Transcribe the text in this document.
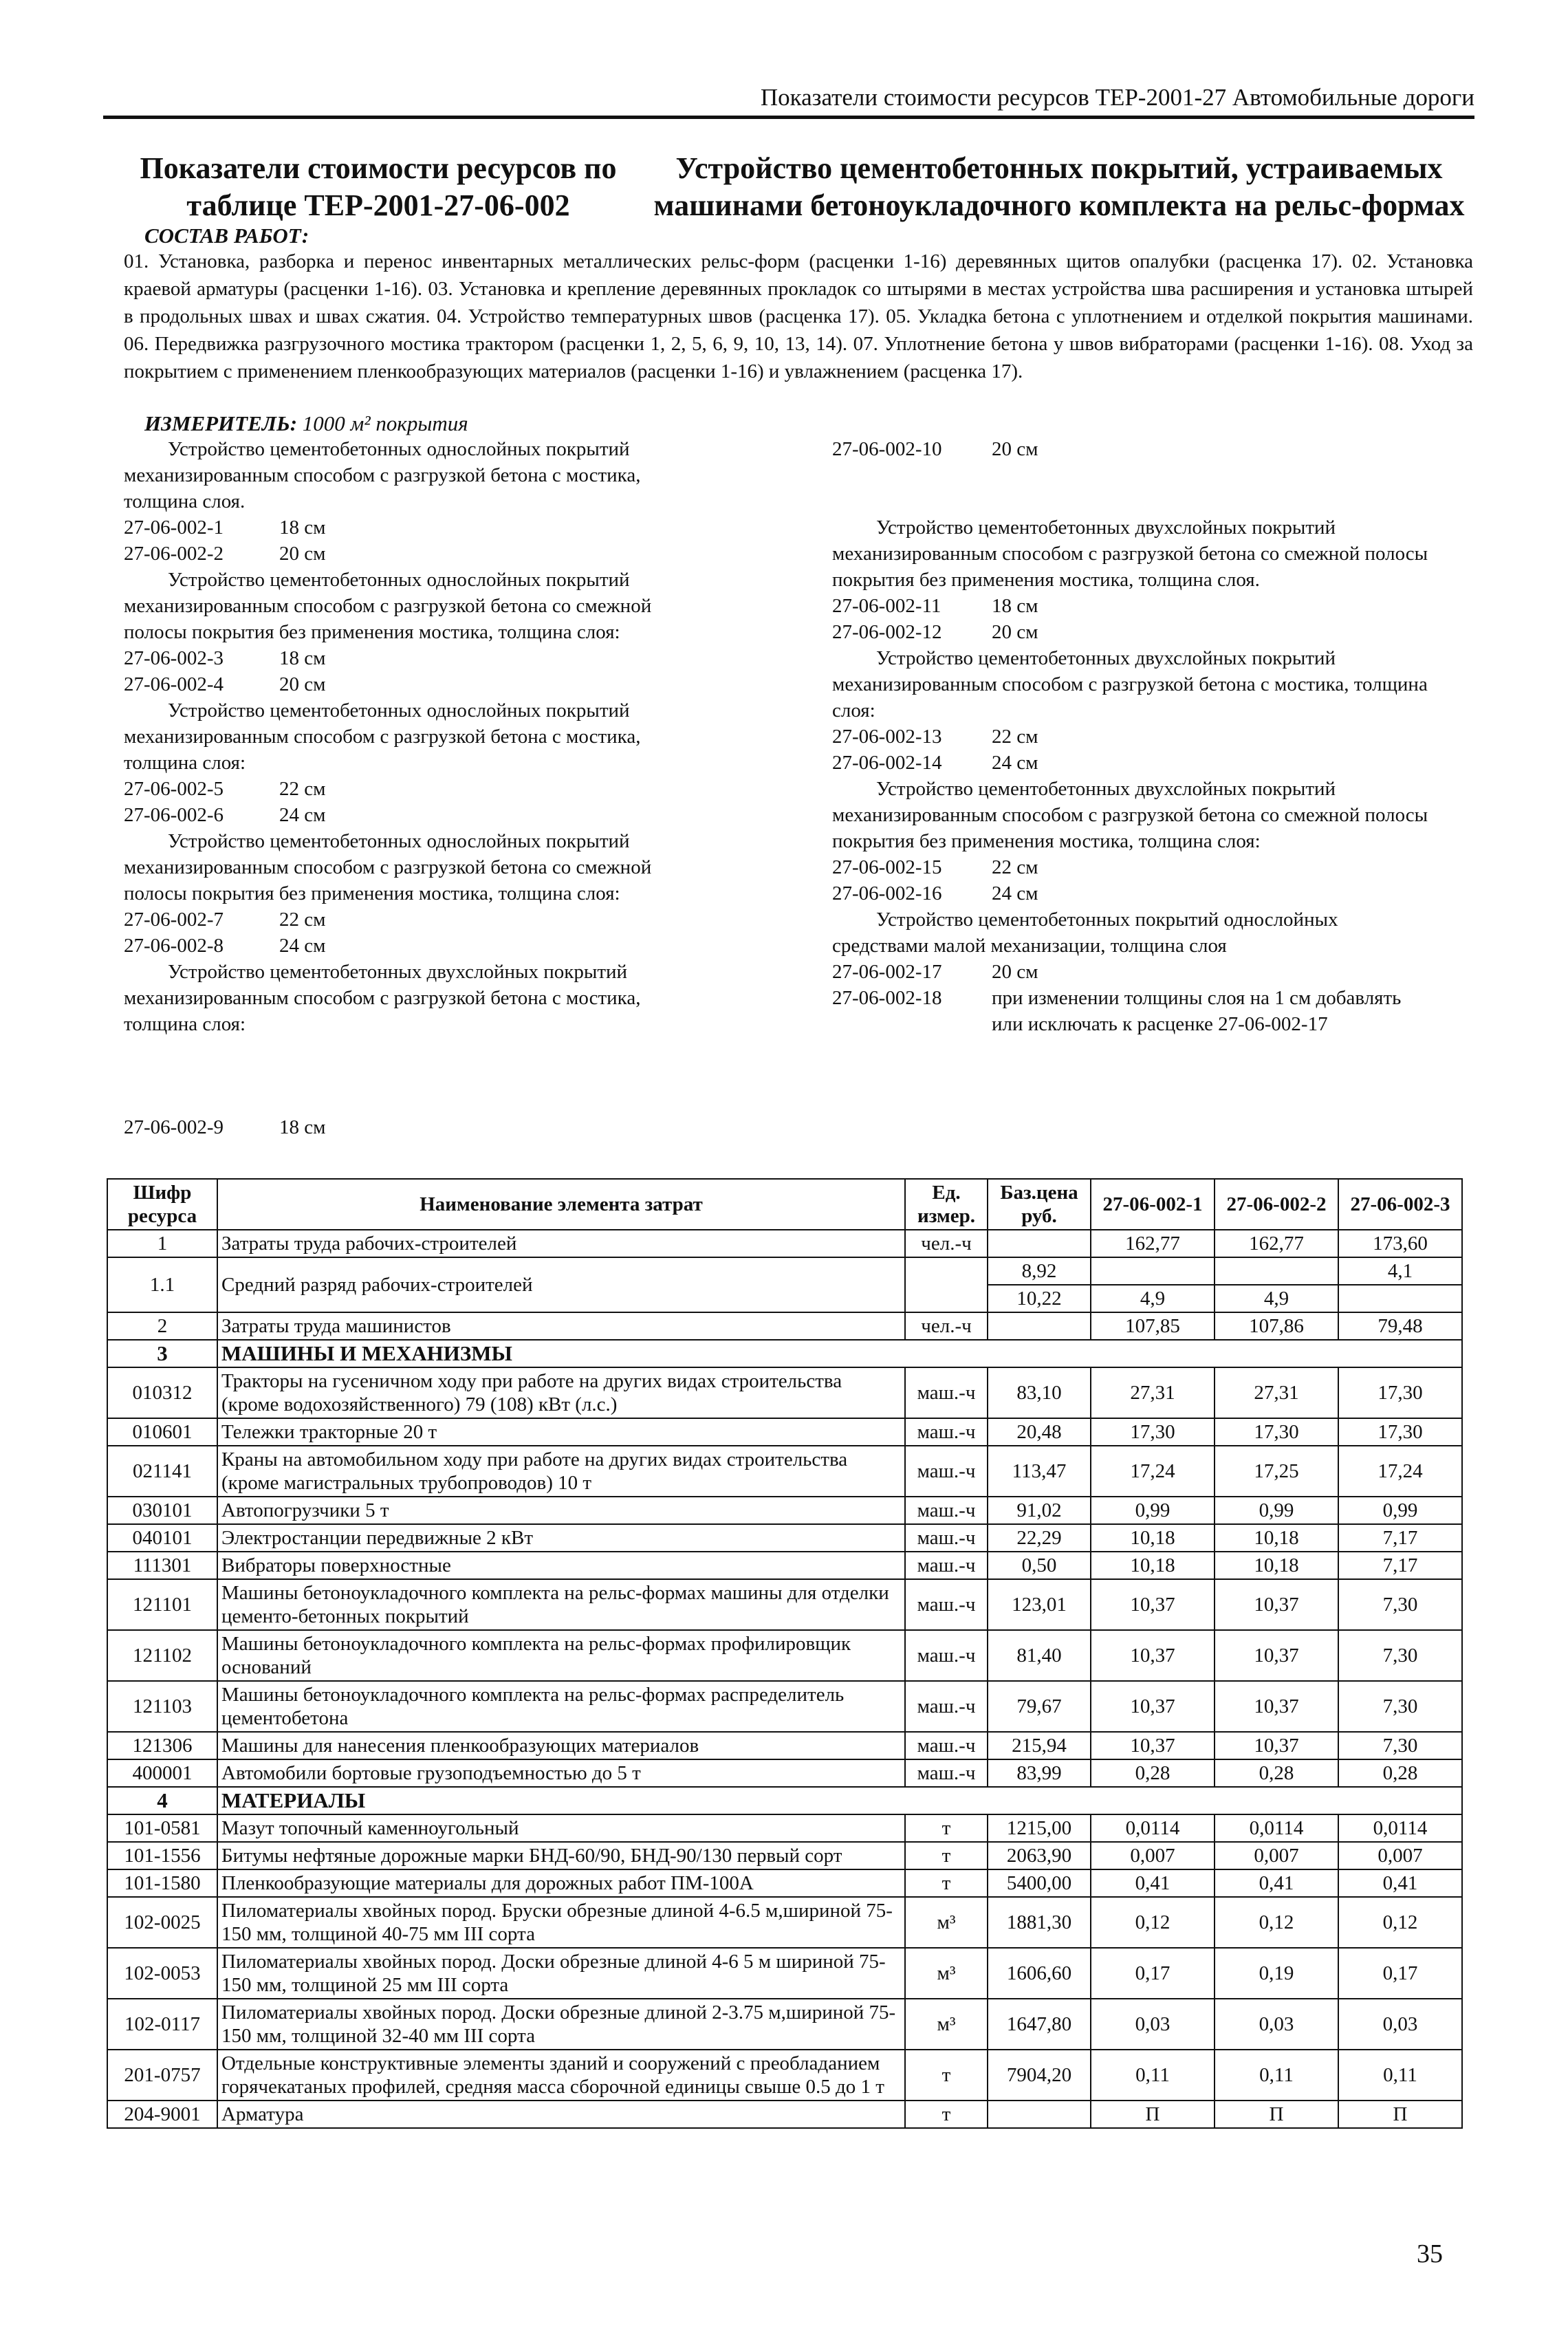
Показатели стоимости ресурсов ТЕР-2001-27 Автомобильные дороги
Показатели стоимости ресурсов по таблице ТЕР-2001-27-06-002
Устройство цементобетонных покрытий, устраиваемых машинами бетоноукладочного комплекта на рельс-формах
СОСТАВ РАБОТ:

01. Установка, разборка и перенос инвентарных металлических рельс-форм (расценки 1-16) деревянных щитов опалубки (расценка 17). 02. Установка краевой арматуры (расценки 1-16). 03. Установка и крепление деревянных прокладок со штырями в местах устройства шва расширения и установка штырей в продольных швах и швах сжатия. 04. Устройство температурных швов (расценка 17). 05. Укладка бетона с уплотнением и отделкой покрытия машинами. 06. Передвижка разгрузочного мостика трактором (расценки 1, 2, 5, 6, 9, 10, 13, 14). 07. Уплотнение бетона у швов вибраторами (расценки 1-16). 08. Уход за покрытием с применением пленкообразующих материалов (расценки 1-16) и увлажнением (расценка 17).

ИЗМЕРИТЕЛЬ: 1000 м² покрытия

Устройство цементобетонных однослойных покрытий механизированным способом с разгрузкой бетона с мостика, толщина слоя.

27-06-002-1	18 см

27-06-002-2	20 см

Устройство цементобетонных однослойных покрытий механизированным способом с разгрузкой бетона со смежной полосы покрытия без применения мостика, толщина слоя:

27-06-002-3	18 см

27-06-002-4	20 см

Устройство цементобетонных однослойных покрытий механизированным способом с разгрузкой бетона с мостика, толщина слоя:

27-06-002-5	22 см

27-06-002-6	24 см

Устройство цементобетонных однослойных покрытий механизированным способом с разгрузкой бетона со смежной полосы покрытия без применения мостика, толщина слоя:

27-06-002-7	22 см

27-06-002-8	24 см

Устройство цементобетонных двухслойных покрытий механизированным способом с разгрузкой бетона с мостика, толщина слоя:

27-06-002-9	18 см

27-06-002-10	20 см

Устройство цементобетонных двухслойных покрытий механизированным способом с разгрузкой бетона со смежной полосы покрытия без применения мостика, толщина слоя.

27-06-002-11	18 см

27-06-002-12	20 см

Устройство цементобетонных двухслойных покрытий механизированным способом с разгрузкой бетона с мостика, толщина слоя:

27-06-002-13	22 см

27-06-002-14	24 см

Устройство цементобетонных двухслойных покрытий механизированным способом с разгрузкой бетона со смежной полосы покрытия без применения мостика, толщина слоя:

27-06-002-15	22 см

27-06-002-16	24 см

Устройство цементобетонных покрытий однослойных средствами малой механизации, толщина слоя

27-06-002-17	20 см

27-06-002-18	при изменении толщины слоя на 1 см добавлять или исключать к расценке 27-06-002-17

Шифр ресурса	Наименование элемента затрат	Ед. измер.	Баз.цена руб.	27-06-002-1	27-06-002-2	27-06-002-3
1	Затраты труда рабочих-строителей	чел.-ч		162,77	162,77	173,60
1.1	Средний разряд рабочих-строителей		8,92			4,1
			10,22	4,9	4,9	
2	Затраты труда машинистов	чел.-ч		107,85	107,86	79,48
3	МАШИНЫ И МЕХАНИЗМЫ					
010312	Тракторы на гусеничном ходу при работе на других видах строительства (кроме водохозяйственного) 79 (108) кВт (л.с.)	маш.-ч	83,10	27,31	27,31	17,30
010601	Тележки тракторные 20 т	маш.-ч	20,48	17,30	17,30	17,30
021141	Краны на автомобильном ходу при работе на других видах строительства (кроме магистральных трубопроводов) 10 т	маш.-ч	113,47	17,24	17,25	17,24
030101	Автопогрузчики 5 т	маш.-ч	91,02	0,99	0,99	0,99
040101	Электростанции передвижные 2 кВт	маш.-ч	22,29	10,18	10,18	7,17
111301	Вибраторы поверхностные	маш.-ч	0,50	10,18	10,18	7,17
121101	Машины бетоноукладочного комплекта на рельс-формах машины для отделки цементо-бетонных покрытий	маш.-ч	123,01	10,37	10,37	7,30
121102	Машины бетоноукладочного комплекта на рельс-формах профилировщик оснований	маш.-ч	81,40	10,37	10,37	7,30
121103	Машины бетоноукладочного комплекта на рельс-формах распределитель цементобетона	маш.-ч	79,67	10,37	10,37	7,30
121306	Машины для нанесения пленкообразующих материалов	маш.-ч	215,94	10,37	10,37	7,30
400001	Автомобили бортовые грузоподъемностью до 5 т	маш.-ч	83,99	0,28	0,28	0,28
4	МАТЕРИАЛЫ					
101-0581	Мазут топочный каменноугольный	т	1215,00	0,0114	0,0114	0,0114
101-1556	Битумы нефтяные дорожные марки БНД-60/90, БНД-90/130 первый сорт	т	2063,90	0,007	0,007	0,007
101-1580	Пленкообразующие материалы для дорожных работ ПМ-100А	т	5400,00	0,41	0,41	0,41
102-0025	Пиломатериалы хвойных пород. Бруски обрезные длиной 4-6.5 м,шириной 75-150 мм, толщиной 40-75 мм III сорта	м³	1881,30	0,12	0,12	0,12
102-0053	Пиломатериалы хвойных пород. Доски обрезные длиной 4-6 5 м шириной 75-150 мм, толщиной 25 мм III сорта	м³	1606,60	0,17	0,19	0,17
102-0117	Пиломатериалы хвойных пород. Доски обрезные длиной 2-3.75 м,шириной 75-150 мм, толщиной 32-40 мм III сорта	м³	1647,80	0,03	0,03	0,03
201-0757	Отдельные конструктивные элементы зданий и сооружений с преобладанием горячекатаных профилей, средняя масса сборочной единицы свыше 0.5 до 1 т	т	7904,20	0,11	0,11	0,11
204-9001	Арматура	т		П	П	П
35
